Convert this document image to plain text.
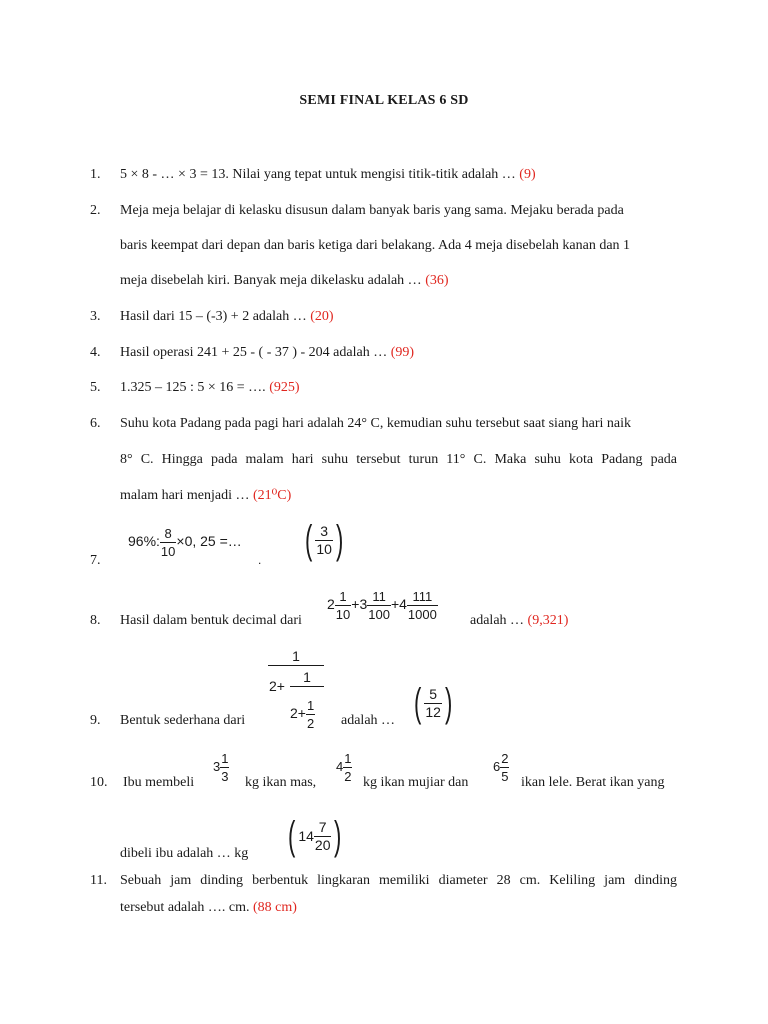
SEMI FINAL KELAS 6 SD
1. 5 × 8 - … × 3 = 13. Nilai yang tepat untuk mengisi titik-titik adalah … (9)
2. Meja meja belajar di kelasku disusun dalam banyak baris yang sama. Mejaku berada pada
baris keempat dari depan dan baris ketiga dari belakang. Ada 4 meja disebelah kanan dan 1
meja disebelah kiri. Banyak meja dikelasku adalah … (36)
3. Hasil dari 15 – (-3) + 2 adalah … (20)
4. Hasil operasi 241 + 25 - ( - 37 ) - 204 adalah … (99)
5. 1.325 – 125 : 5 × 16 = …. (925)
6. Suhu kota Padang pada pagi hari adalah 24° C, kemudian suhu tersebut saat siang hari naik
8° C. Hingga pada malam hari suhu tersebut turun 11° C. Maka suhu kota Padang pada
malam hari menjadi … (21⁰C)
7.
96%: $\frac{8}{10} \times 0$, 25 =…
. ( $\frac{3}{10}$ )
8. Hasil dalam bentuk decimal dari
$2 \frac{1}{10} +3 \frac{11}{100} +4 \frac{111}{1000}$ adalah … (9,321)
9. Bentuk sederhana dari
1
2+
1
$2+ \frac{1}{2}$ adalah … ( $\frac{5}{12}$ )
10. Ibu membeli
$3 \frac{1}{3}$ kg ikan mas,
$4 \frac{1}{2}$ kg ikan mujiar dan
$6 \frac{2}{5}$ ikan lele. Berat ikan yang
dibeli ibu adalah … kg ( $14 \frac{7}{20}$ )
11. Sebuah jam dinding berbentuk lingkaran memiliki diameter 28 cm. Keliling jam dinding
tersebut adalah …. cm. (88 cm)
